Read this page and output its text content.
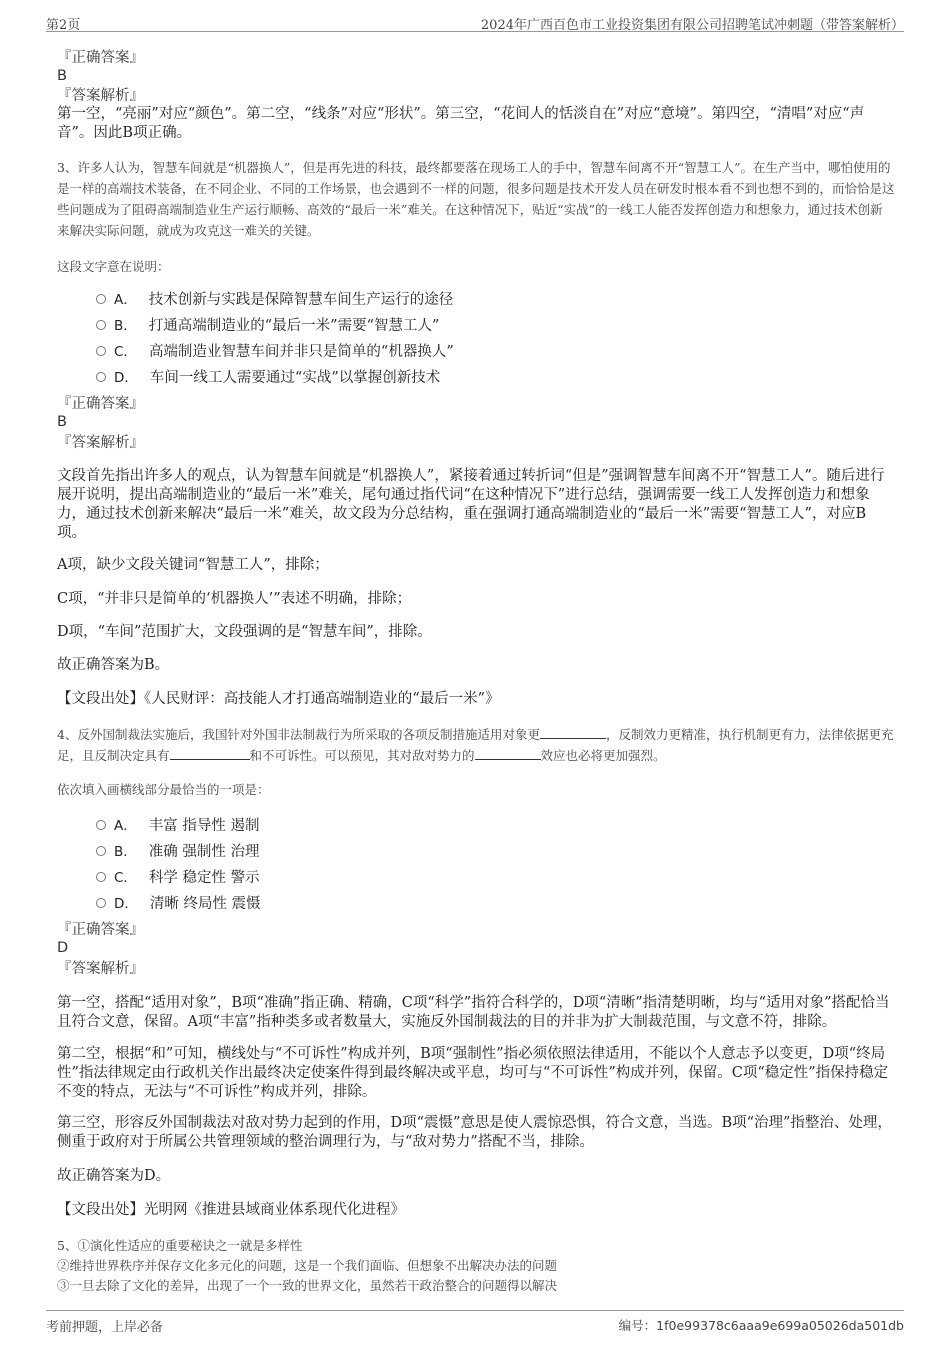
第2页	2024年广西百色市工业投资集团有限公司招聘笔试冲刺题（带答案解析）
『正确答案』
B
『答案解析』
第一空，“亮丽”对应“颜色”。第二空，“线条”对应“形状”。第三空，“花间人的恬淡自在”对应“意境”。第四空，“清唱”对应“声音”。因此B项正确。
3、许多人认为，智慧车间就是“机器换人”，但是再先进的科技，最终都要落在现场工人的手中，智慧车间离不开“智慧工人”。在生产当中，哪怕使用的是一样的高端技术装备，在不同企业、不同的工作场景，也会遇到不一样的问题，很多问题是技术开发人员在研发时根本看不到也想不到的，而恰恰是这些问题成为了阻碍高端制造业生产运行顺畅、高效的“最后一米”难关。在这种情况下，贴近“实战”的一线工人能否发挥创造力和想象力，通过技术创新来解决实际问题，就成为攻克这一难关的关键。
这段文字意在说明：
A． 技术创新与实践是保障智慧车间生产运行的途径
B． 打通高端制造业的“最后一米”需要“智慧工人”
C． 高端制造业智慧车间并非只是简单的“机器换人”
D． 车间一线工人需要通过“实战”以掌握创新技术
『正确答案』
B
『答案解析』
文段首先指出许多人的观点，认为智慧车间就是“机器换人”，紧接着通过转折词“但是”强调智慧车间离不开“智慧工人”。随后进行展开说明，提出高端制造业的“最后一米”难关，尾句通过指代词“在这种情况下”进行总结，强调需要一线工人发挥创造力和想象力，通过技术创新来解决“最后一米”难关，故文段为分总结构，重在强调打通高端制造业的“最后一米”需要“智慧工人”，对应B项。
A项，缺少文段关键词“智慧工人”，排除；
C项，“并非只是简单的‘机器换人’”表述不明确，排除；
D项，“车间”范围扩大，文段强调的是“智慧车间”，排除。
故正确答案为B。
【文段出处】《人民财评：高技能人才打通高端制造业的“最后一米”》
4、反外国制裁法实施后，我国针对外国非法制裁行为所采取的各项反制措施适用对象更	，反制效力更精准，执行机制更有力，法律依据更充足，且反制决定具有	和不可诉性。可以预见，其对敌对势力的	效应也必将更加强烈。
依次填入画横线部分最恰当的一项是：
A． 丰富 指导性 遏制
B． 准确 强制性 治理
C． 科学 稳定性 警示
D． 清晰 终局性 震慑
『正确答案』
D
『答案解析』
第一空，搭配“适用对象”，B项“准确”指正确、精确，C项“科学”指符合科学的，D项“清晰”指清楚明晰，均与“适用对象”搭配恰当且符合文意，保留。A项“丰富”指种类多或者数量大，实施反外国制裁法的目的并非为扩大制裁范围，与文意不符，排除。
第二空，根据“和”可知，横线处与“不可诉性”构成并列，B项“强制性”指必须依照法律适用，不能以个人意志予以变更，D项“终局性”指法律规定由行政机关作出最终决定使案件得到最终解决或平息，均可与“不可诉性”构成并列，保留。C项“稳定性”指保持稳定不变的特点，无法与“不可诉性”构成并列，排除。
第三空，形容反外国制裁法对敌对势力起到的作用，D项“震慑”意思是使人震惊恐惧，符合文意，当选。B项“治理”指整治、处理，侧重于政府对于所属公共管理领域的整治调理行为，与“敌对势力”搭配不当，排除。
故正确答案为D。
【文段出处】光明网《推进县域商业体系现代化进程》
5、①演化性适应的重要秘诀之一就是多样性
②维持世界秩序并保存文化多元化的问题，这是一个我们面临、但想象不出解决办法的问题
③一旦去除了文化的差异，出现了一个一致的世界文化，虽然若干政治整合的问题得以解决
考前押题，上岸必备	编号：1f0e99378c6aaa9e699a05026da501db
